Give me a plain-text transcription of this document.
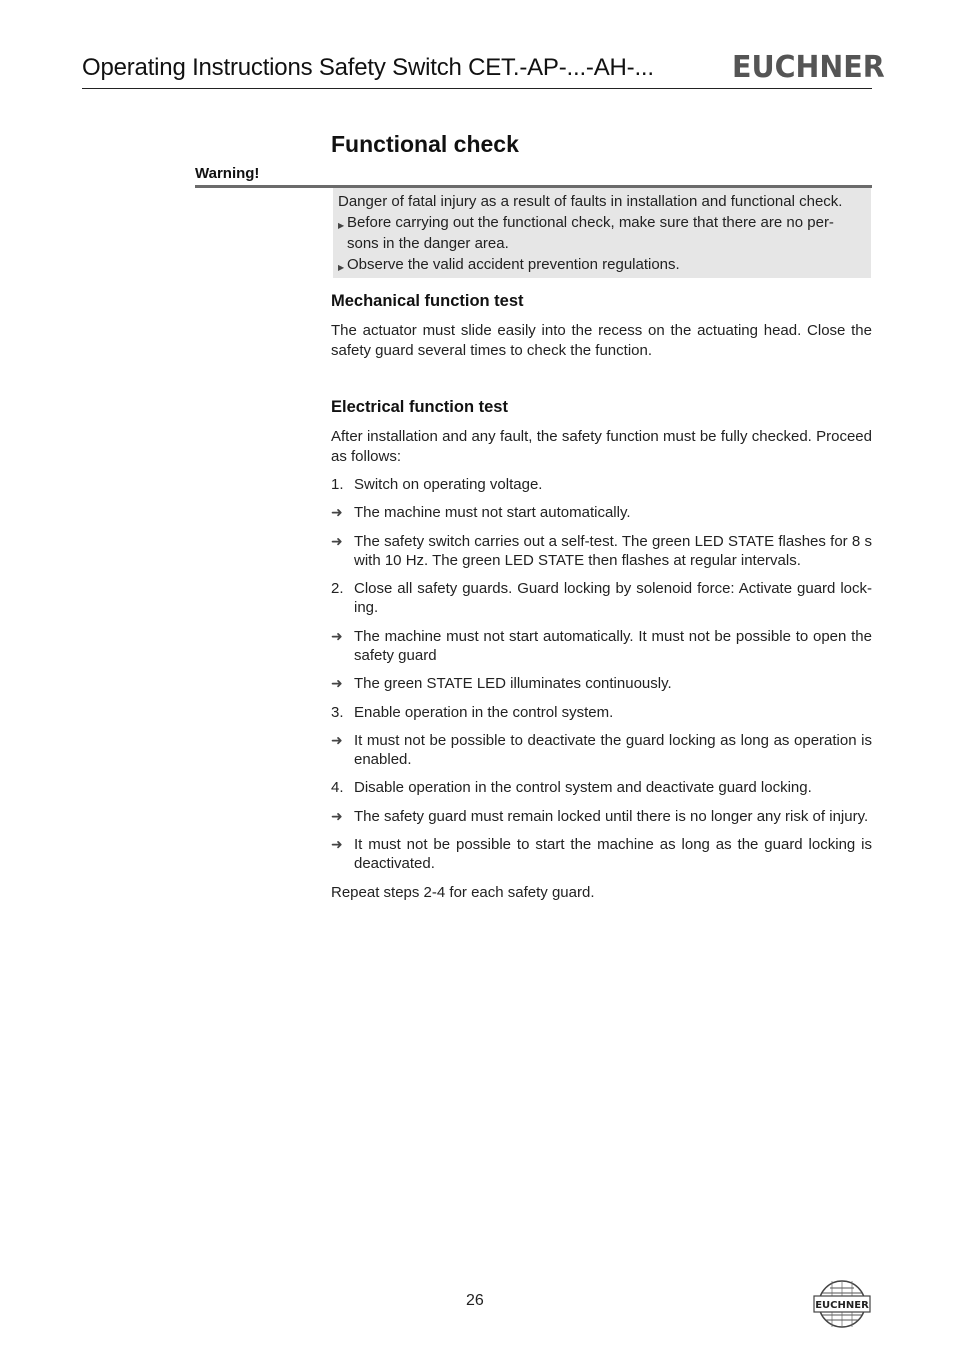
Operating Instructions Safety Switch CET.-AP-...-AH-...	EUCHNER
Functional check
Warning!
Danger of fatal injury as a result of faults in installation and functional check.
▶ Before carrying out the functional check, make sure that there are no per-
sons in the danger area.
▶ Observe the valid accident prevention regulations.
Mechanical function test
The actuator must slide easily into the recess on the actuating head. Close the safety guard several times to check the function.
Electrical function test
After installation and any fault, the safety function must be fully checked. Proceed as follows:
1. Switch on operating voltage.
➜ The machine must not start automatically.
➜ The safety switch carries out a self-test. The green LED STATE flashes for 8 s with 10 Hz. The green LED STATE then flashes at regular intervals.
2. Close all safety guards. Guard locking by solenoid force: Activate guard lock-ing.
➜ The machine must not start automatically. It must not be possible to open the safety guard
➜ The green STATE LED illuminates continuously.
3. Enable operation in the control system.
➜ It must not be possible to deactivate the guard locking as long as operation is enabled.
4. Disable operation in the control system and deactivate guard locking.
➜ The safety guard must remain locked until there is no longer any risk of injury.
➜ It must not be possible to start the machine as long as the guard locking is deactivated.
Repeat steps 2-4 for each safety guard.
26	EUCHNER
